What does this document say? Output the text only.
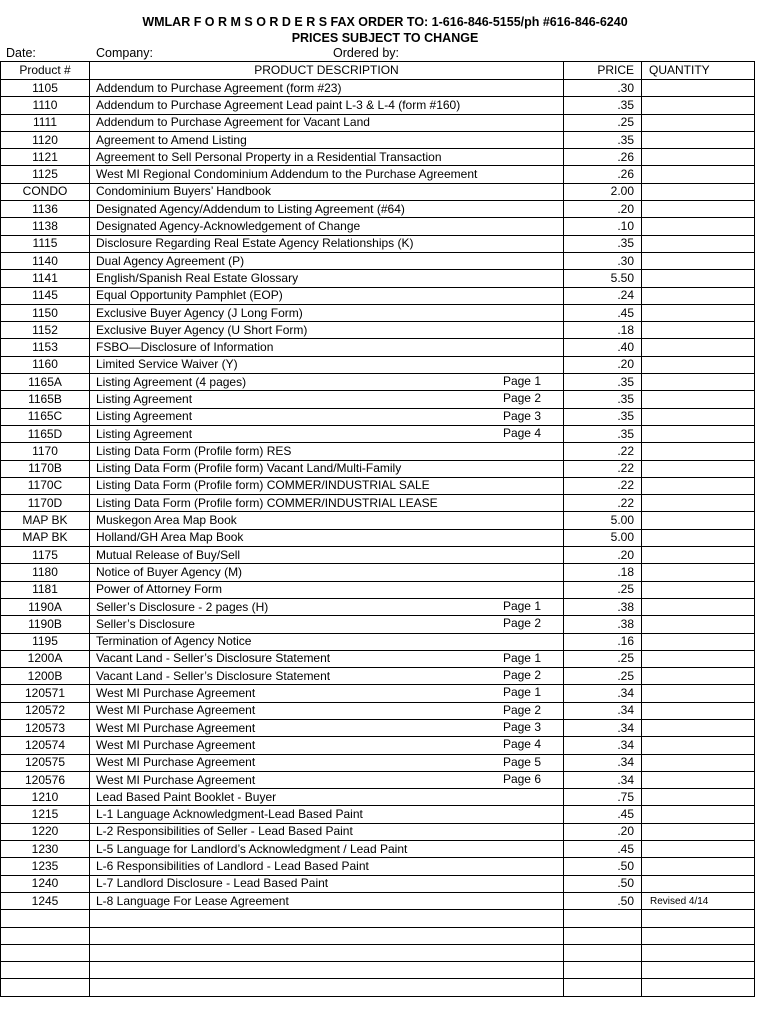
WMLAR F O R M S O R D E R S FAX ORDER TO: 1-616-846-5155/ph #616-846-6240
PRICES SUBJECT TO CHANGE
Date:	Company:	Ordered by:
Product #	PRODUCT DESCRIPTION	PRICE	QUANTITY
1105	Addendum to Purchase Agreement (form #23)	.30	
1110	Addendum to Purchase Agreement Lead paint L-3 & L-4 (form #160)	.35	
1111	Addendum to Purchase Agreement for Vacant Land	.25	
1120	Agreement to Amend Listing	.35	
1121	Agreement to Sell Personal Property in a Residential Transaction	.26	
1125	West MI Regional Condominium Addendum to the Purchase Agreement	.26	
CONDO	Condominium Buyers’ Handbook	2.00	
1136	Designated Agency/Addendum to Listing Agreement (#64)	.20	
1138	Designated Agency-Acknowledgement of Change	.10	
1115	Disclosure Regarding Real Estate Agency Relationships (K)	.35	
1140	Dual Agency Agreement (P)	.30	
1141	English/Spanish Real Estate Glossary	5.50	
1145	Equal Opportunity Pamphlet (EOP)	.24	
1150	Exclusive Buyer Agency (J Long Form)	.45	
1152	Exclusive Buyer Agency (U Short Form)	.18	
1153	FSBO—Disclosure of Information	.40	
1160	Limited Service Waiver (Y)	.20	
1165A	Listing Agreement (4 pages) Page 1	.35	
1165B	Listing Agreement Page 2	.35	
1165C	Listing Agreement Page 3	.35	
1165D	Listing Agreement Page 4	.35	
1170	Listing Data Form (Profile form) RES	.22	
1170B	Listing Data Form (Profile form) Vacant Land/Multi-Family	.22	
1170C	Listing Data Form (Profile form) COMMER/INDUSTRIAL SALE	.22	
1170D	Listing Data Form (Profile form) COMMER/INDUSTRIAL LEASE	.22	
MAP BK	Muskegon Area Map Book	5.00	
MAP BK	Holland/GH Area Map Book	5.00	
1175	Mutual Release of Buy/Sell	.20	
1180	Notice of Buyer Agency (M)	.18	
1181	Power of Attorney Form	.25	
1190A	Seller’s Disclosure - 2 pages (H) Page 1	.38	
1190B	Seller’s Disclosure Page 2	.38	
1195	Termination of Agency Notice	.16	
1200A	Vacant Land - Seller’s Disclosure Statement Page 1	.25	
1200B	Vacant Land - Seller’s Disclosure Statement Page 2	.25	
120571	West MI Purchase Agreement Page 1	.34	
120572	West MI Purchase Agreement Page 2	.34	
120573	West MI Purchase Agreement Page 3	.34	
120574	West MI Purchase Agreement Page 4	.34	
120575	West MI Purchase Agreement Page 5	.34	
120576	West MI Purchase Agreement Page 6	.34	
1210	Lead Based Paint Booklet - Buyer	.75	
1215	L-1 Language Acknowledgment-Lead Based Paint	.45	
1220	L-2 Responsibilities of Seller - Lead Based Paint	.20	
1230	L-5 Language for Landlord’s Acknowledgment / Lead Paint	.45	
1235	L-6 Responsibilities of Landlord - Lead Based Paint	.50	
1240	L-7 Landlord Disclosure - Lead Based Paint	.50	
1245	L-8 Language For Lease Agreement	.50	Revised 4/14
